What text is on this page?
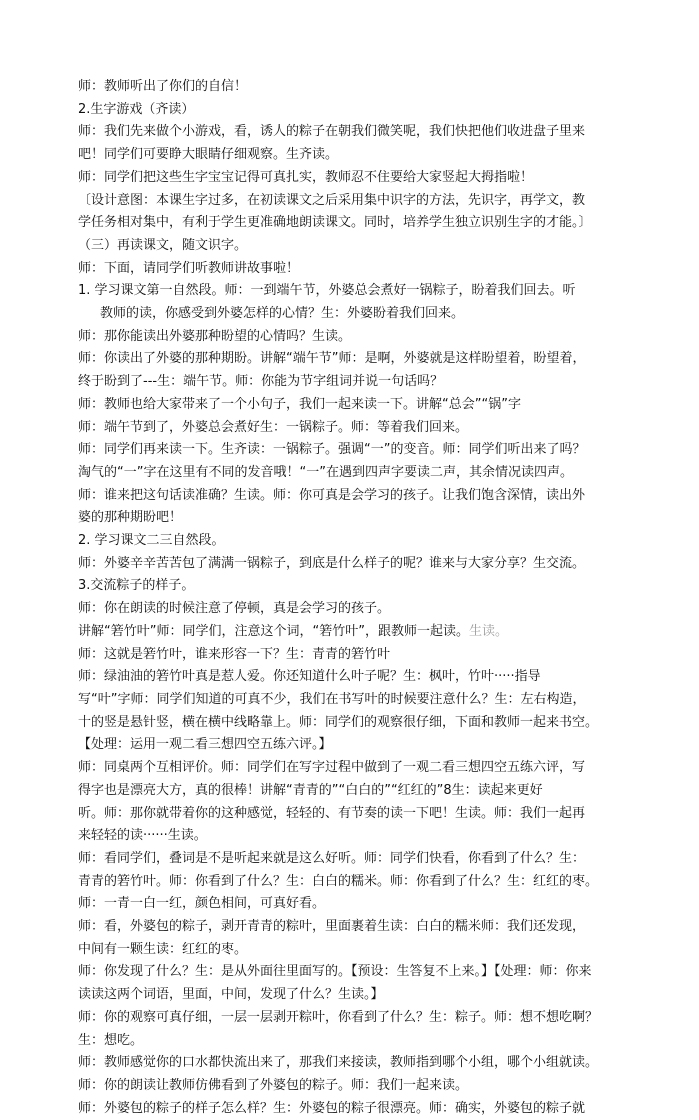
师：教师听出了你们的自信！

2.生字游戏（齐读）

师：我们先来做个小游戏，看，诱人的粽子在朝我们微笑呢，我们快把他们收进盘子里来

吧！同学们可要睁大眼睛仔细观察。生齐读。

师：同学们把这些生字宝宝记得可真扎实，教师忍不住要给大家竖起大拇指啦！

〔设计意图：本课生字过多，在初读课文之后采用集中识字的方法，先识字，再学文，教

学任务相对集中，有利于学生更准确地朗读课文。同时，培养学生独立识别生字的才能。〕

（三）再读课文，随文识字。

师：下面，请同学们听教师讲故事啦！

1. 学习课文第一自然段。师：一到端午节，外婆总会煮好一锅粽子，盼着我们回去。听

教师的读，你感受到外婆怎样的心情？生：外婆盼着我们回来。

师：那你能读出外婆那种盼望的心情吗？生读。

师：你读出了外婆的那种期盼。讲解“端午节”师：是啊，外婆就是这样盼望着，盼望着，

终于盼到了---生：端午节。师：你能为节字组词并说一句话吗？

师：教师也给大家带来了一个小句子，我们一起来读一下。讲解“总会”“锅”字

师：端午节到了，外婆总会煮好生：一锅粽子。师：等着我们回来。

师：同学们再来读一下。生齐读：一锅粽子。强调“一”的变音。师：同学们听出来了吗？

淘气的“一”字在这里有不同的发音哦！“一”在遇到四声字要读二声，其余情况读四声。

师：谁来把这句话读准确？生读。师：你可真是会学习的孩子。让我们饱含深情，读出外

婆的那种期盼吧！

2. 学习课文二三自然段。

师：外婆辛辛苦苦包了满满一锅粽子，到底是什么样子的呢？谁来与大家分享？生交流。

3.交流粽子的样子。

师：你在朗读的时候注意了停顿，真是会学习的孩子。

讲解“箬竹叶”师：同学们，注意这个词，“箬竹叶”，跟教师一起读。生读。

师：这就是箬竹叶，谁来形容一下？生：青青的箬竹叶

师：绿油油的箬竹叶真是惹人爱。你还知道什么叶子呢？生：枫叶，竹叶·····指导

写“叶”字师：同学们知道的可真不少，我们在书写叶的时候要注意什么？生：左右构造，

十的竖是悬针竖，横在横中线略靠上。师：同学们的观察很仔细，下面和教师一起来书空。

【处理：运用一观二看三想四空五练六评。】

师：同桌两个互相评价。师：同学们在写字过程中做到了一观二看三想四空五练六评，写

得字也是漂亮大方，真的很棒！讲解“青青的”“白白的”“红红的”8生：读起来更好

听。师：那你就带着你的这种感觉，轻轻的、有节奏的读一下吧！生读。师：我们一起再

来轻轻的读······生读。

师：看同学们，叠词是不是听起来就是这么好听。师：同学们快看，你看到了什么？生：

青青的箬竹叶。师：你看到了什么？生：白白的糯米。师：你看到了什么？生：红红的枣。

师：一青一白一红，颜色相间，可真好看。

师：看，外婆包的粽子，剥开青青的粽叶，里面裹着生读：白白的糯米师：我们还发现，

中间有一颗生读：红红的枣。

师：你发现了什么？生：是从外面往里面写的。【预设：生答复不上来。】【处理：师：你来

读读这两个词语，里面，中间，发现了什么？生读。】

师：你的观察可真仔细，一层一层剥开粽叶，你看到了什么？生：粽子。师：想不想吃啊？

生：想吃。

师：教师感觉你的口水都快流出来了，那我们来接读，教师指到哪个小组，哪个小组就读。

师：你的朗读让教师仿佛看到了外婆包的粽子。师：我们一起来读。

师：外婆包的粽子的样子怎么样？生：外婆包的粽子很漂亮。师：确实，外婆包的粽子就
